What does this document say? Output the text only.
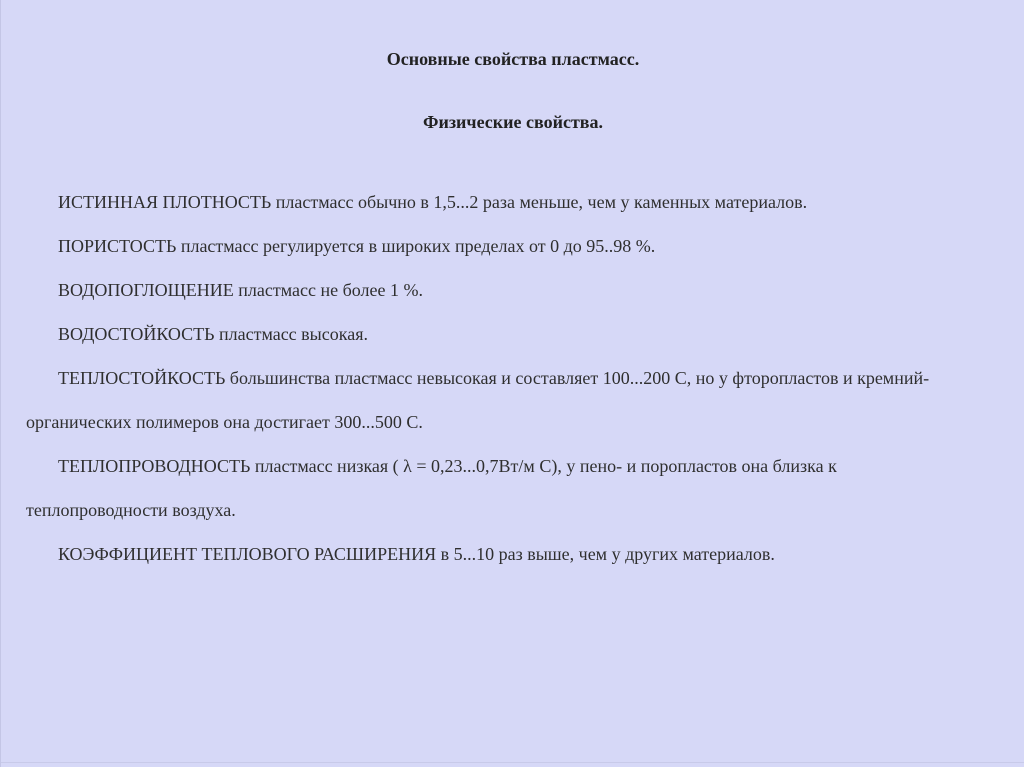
Основные свойства пластмасс.
Физические свойства.

ИСТИННАЯ ПЛОТНОСТЬ пластмасс обычно в 1,5...2 раза меньше, чем у каменных материалов.

ПОРИСТОСТЬ пластмасс регулируется в широких пределах от 0 до 95..98 %.

ВОДОПОГЛОЩЕНИЕ пластмасс не более 1 %.

ВОДОСТОЙКОСТЬ пластмасс высокая.

ТЕПЛОСТОЙКОСТЬ большинства пластмасс невысокая и составляет 100...200 С, но у фторопластов и кремний-органических полимеров она достигает 300...500 С.

ТЕПЛОПРОВОДНОСТЬ пластмасс низкая ( λ = 0,23...0,7Вт/м С), у пено- и поропластов она близка к теплопроводности воздуха.

КОЭФФИЦИЕНТ ТЕПЛОВОГО РАСШИРЕНИЯ в 5...10 раз выше, чем у других материалов.
